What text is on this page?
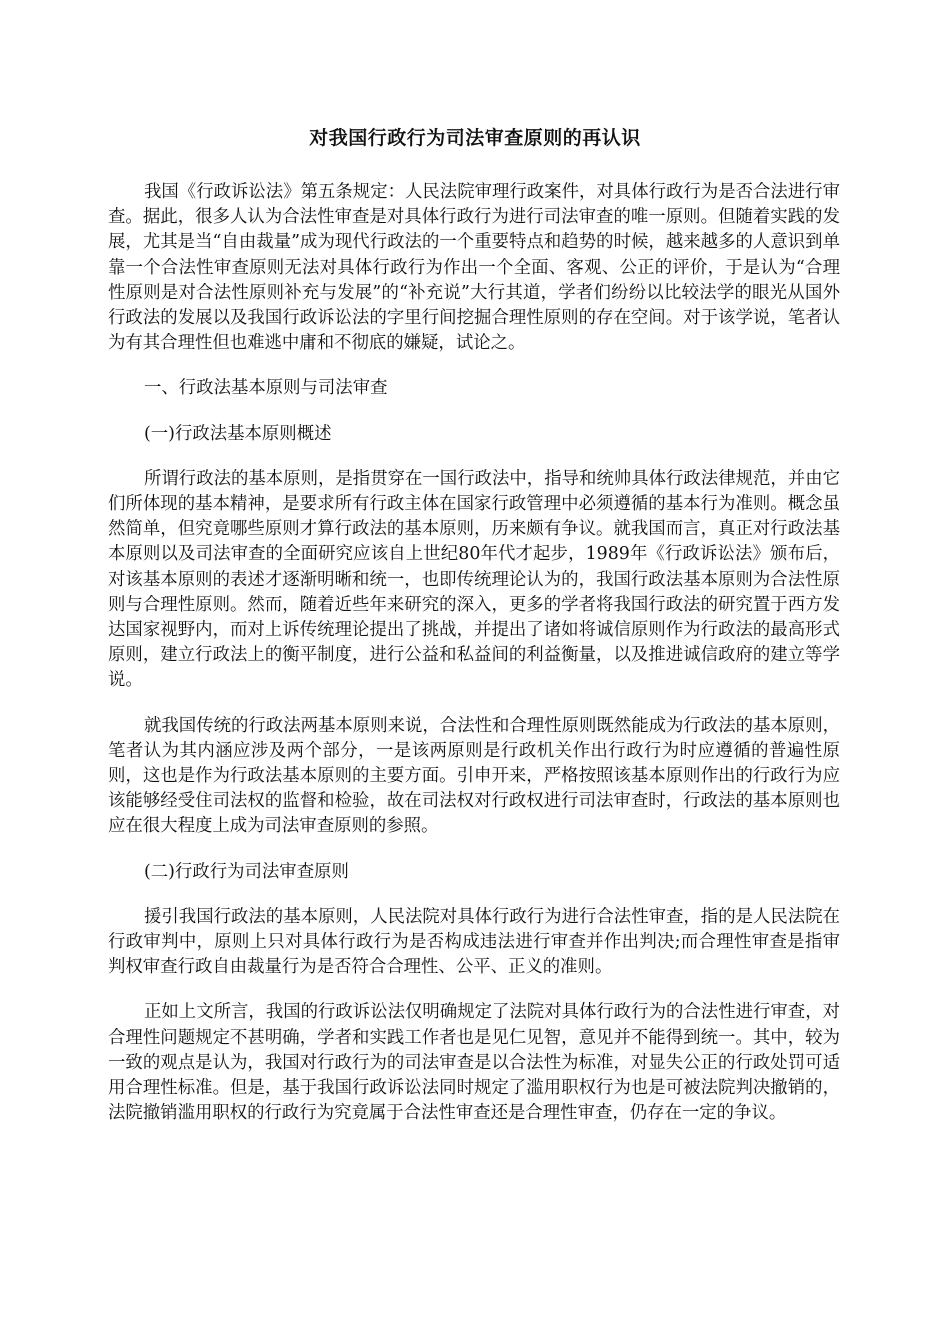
对我国行政行为司法审查原则的再认识

我国《行政诉讼法》第五条规定：人民法院审理行政案件，对具体行政行为是否合法进行审查。据此，很多人认为合法性审查是对具体行政行为进行司法审查的唯一原则。但随着实践的发展，尤其是当“自由裁量”成为现代行政法的一个重要特点和趋势的时候，越来越多的人意识到单靠一个合法性审查原则无法对具体行政行为作出一个全面、客观、公正的评价，于是认为“合理性原则是对合法性原则补充与发展”的“补充说”大行其道，学者们纷纷以比较法学的眼光从国外行政法的发展以及我国行政诉讼法的字里行间挖掘合理性原则的存在空间。对于该学说，笔者认为有其合理性但也难逃中庸和不彻底的嫌疑，试论之。

一、行政法基本原则与司法审查

(一)行政法基本原则概述

所谓行政法的基本原则，是指贯穿在一国行政法中，指导和统帅具体行政法律规范，并由它们所体现的基本精神，是要求所有行政主体在国家行政管理中必须遵循的基本行为准则。概念虽然简单，但究竟哪些原则才算行政法的基本原则，历来颇有争议。就我国而言，真正对行政法基本原则以及司法审查的全面研究应该自上世纪80年代才起步，1989年《行政诉讼法》颁布后，对该基本原则的表述才逐渐明晰和统一，也即传统理论认为的，我国行政法基本原则为合法性原则与合理性原则。然而，随着近些年来研究的深入，更多的学者将我国行政法的研究置于西方发达国家视野内，而对上诉传统理论提出了挑战，并提出了诸如将诚信原则作为行政法的最高形式原则，建立行政法上的衡平制度，进行公益和私益间的利益衡量，以及推进诚信政府的建立等学说。

就我国传统的行政法两基本原则来说，合法性和合理性原则既然能成为行政法的基本原则，笔者认为其内涵应涉及两个部分，一是该两原则是行政机关作出行政行为时应遵循的普遍性原则，这也是作为行政法基本原则的主要方面。引申开来，严格按照该基本原则作出的行政行为应该能够经受住司法权的监督和检验，故在司法权对行政权进行司法审查时，行政法的基本原则也应在很大程度上成为司法审查原则的参照。

(二)行政行为司法审查原则

援引我国行政法的基本原则，人民法院对具体行政行为进行合法性审查，指的是人民法院在行政审判中，原则上只对具体行政行为是否构成违法进行审查并作出判决;而合理性审查是指审判权审查行政自由裁量行为是否符合合理性、公平、正义的准则。

正如上文所言，我国的行政诉讼法仅明确规定了法院对具体行政行为的合法性进行审查，对合理性问题规定不甚明确，学者和实践工作者也是见仁见智，意见并不能得到统一。其中，较为一致的观点是认为，我国对行政行为的司法审查是以合法性为标准，对显失公正的行政处罚可适用合理性标准。但是，基于我国行政诉讼法同时规定了滥用职权行为也是可被法院判决撤销的，法院撤销滥用职权的行政行为究竟属于合法性审查还是合理性审查，仍存在一定的争议。
